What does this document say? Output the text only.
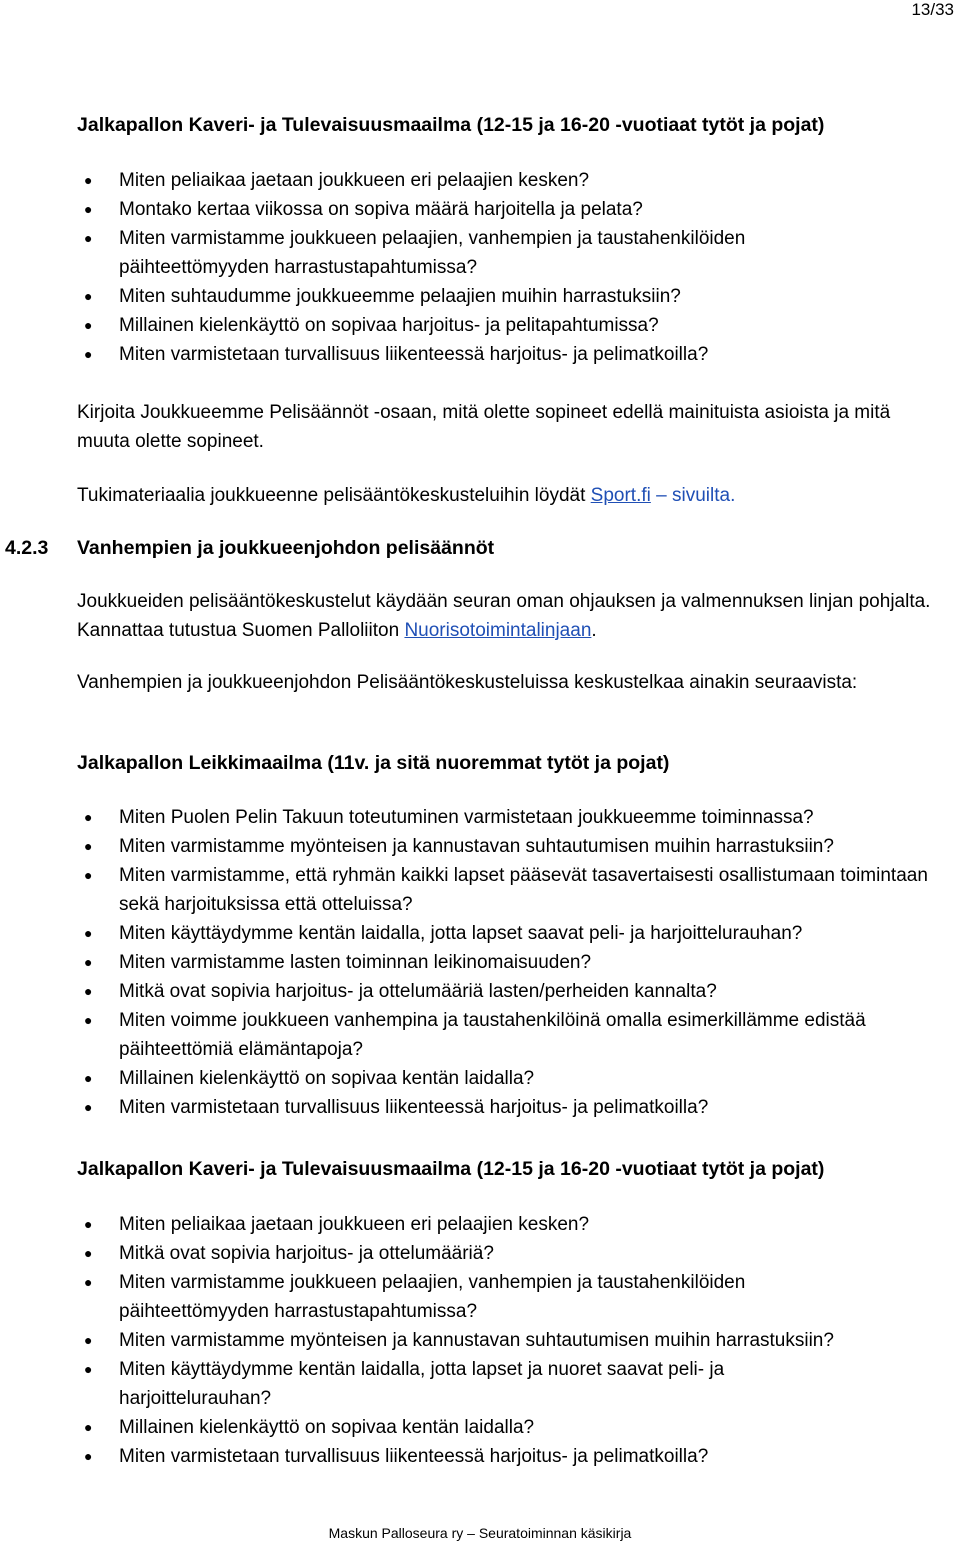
13/33
Jalkapallon Kaveri- ja Tulevaisuusmaailma (12-15 ja 16-20 -vuotiaat tytöt ja pojat)
● Miten peliaikaa jaetaan joukkueen eri pelaajien kesken?
● Montako kertaa viikossa on sopiva määrä harjoitella ja pelata?
● Miten varmistamme joukkueen pelaajien, vanhempien ja taustahenkilöiden päihteettömyyden harrastustapahtumissa?
● Miten suhtaudumme joukkueemme pelaajien muihin harrastuksiin?
● Millainen kielenkäyttö on sopivaa harjoitus- ja pelitapahtumissa?
● Miten varmistetaan turvallisuus liikenteessä harjoitus- ja pelimatkoilla?

Kirjoita Joukkueemme Pelisäännöt -osaan, mitä olette sopineet edellä mainituista asioista ja mitä muuta olette sopineet.

Tukimateriaalia joukkueenne pelisääntökeskusteluihin löydät Sport.fi – sivuilta.

4.2.3 Vanhempien ja joukkueenjohdon pelisäännöt

Joukkueiden pelisääntökeskustelut käydään seuran oman ohjauksen ja valmennuksen linjan pohjalta. Kannattaa tutustua Suomen Palloliiton Nuorisotoimintalinjaan.

Vanhempien ja joukkueenjohdon Pelisääntökeskusteluissa keskustelkaa ainakin seuraavista:

Jalkapallon Leikkimaailma (11v. ja sitä nuoremmat tytöt ja pojat)
● Miten Puolen Pelin Takuun toteutuminen varmistetaan joukkueemme toiminnassa?
● Miten varmistamme myönteisen ja kannustavan suhtautumisen muihin harrastuksiin?
● Miten varmistamme, että ryhmän kaikki lapset pääsevät tasavertaisesti osallistumaan toimintaan sekä harjoituksissa että otteluissa?
● Miten käyttäydymme kentän laidalla, jotta lapset saavat peli- ja harjoittelurauhan?
● Miten varmistamme lasten toiminnan leikinomaisuuden?
● Mitkä ovat sopivia harjoitus- ja ottelumääriä lasten/perheiden kannalta?
● Miten voimme joukkueen vanhempina ja taustahenkilöinä omalla esimerkillämme edistää päihteettömiä elämäntapoja?
● Millainen kielenkäyttö on sopivaa kentän laidalla?
● Miten varmistetaan turvallisuus liikenteessä harjoitus- ja pelimatkoilla?
Jalkapallon Kaveri- ja Tulevaisuusmaailma (12-15 ja 16-20 -vuotiaat tytöt ja pojat)
● Miten peliaikaa jaetaan joukkueen eri pelaajien kesken?
● Mitkä ovat sopivia harjoitus- ja ottelumääriä?
● Miten varmistamme joukkueen pelaajien, vanhempien ja taustahenkilöiden päihteettömyyden harrastustapahtumissa?
● Miten varmistamme myönteisen ja kannustavan suhtautumisen muihin harrastuksiin?
● Miten käyttäydymme kentän laidalla, jotta lapset ja nuoret saavat peli- ja harjoittelurauhan?
● Millainen kielenkäyttö on sopivaa kentän laidalla?
● Miten varmistetaan turvallisuus liikenteessä harjoitus- ja pelimatkoilla?
Maskun Palloseura ry – Seuratoiminnan käsikirja
